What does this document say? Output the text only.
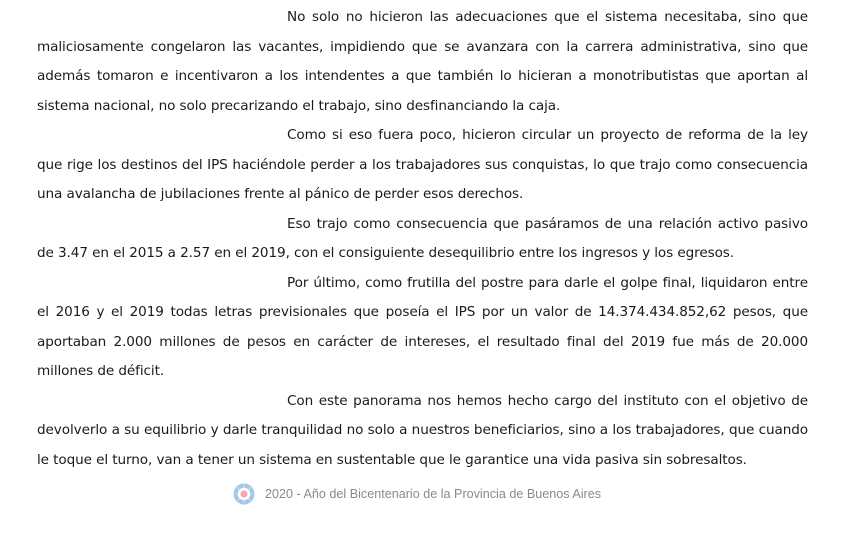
No solo no hicieron las adecuaciones que el sistema necesitaba, sino que maliciosamente congelaron las vacantes, impidiendo que se avanzara con la carrera administrativa, sino que además tomaron e incentivaron a los intendentes a que también lo hicieran a monotributistas que aportan al sistema nacional, no solo precarizando el trabajo, sino desfinanciando la caja.

Como si eso fuera poco, hicieron circular un proyecto de reforma de la ley que rige los destinos del IPS haciéndole perder a los trabajadores sus conquistas, lo que trajo como consecuencia una avalancha de jubilaciones frente al pánico de perder esos derechos.

Eso trajo como consecuencia que pasáramos de una relación activo pasivo de 3.47 en el 2015 a 2.57 en el 2019, con el consiguiente desequilibrio entre los ingresos y los egresos.

Por último, como frutilla del postre para darle el golpe final, liquidaron entre el 2016 y el 2019 todas letras previsionales que poseía el IPS por un valor de 14.374.434.852,62 pesos, que aportaban 2.000 millones de pesos en carácter de intereses, el resultado final del 2019 fue más de 20.000 millones de déficit.

Con este panorama nos hemos hecho cargo del instituto con el objetivo de devolverlo a su equilibrio y darle tranquilidad no solo a nuestros beneficiarios, sino a los trabajadores, que cuando le toque el turno, van a tener un sistema en sustentable que le garantice una vida pasiva sin sobresaltos.

2020 - Año del Bicentenario de la Provincia de Buenos Aires
